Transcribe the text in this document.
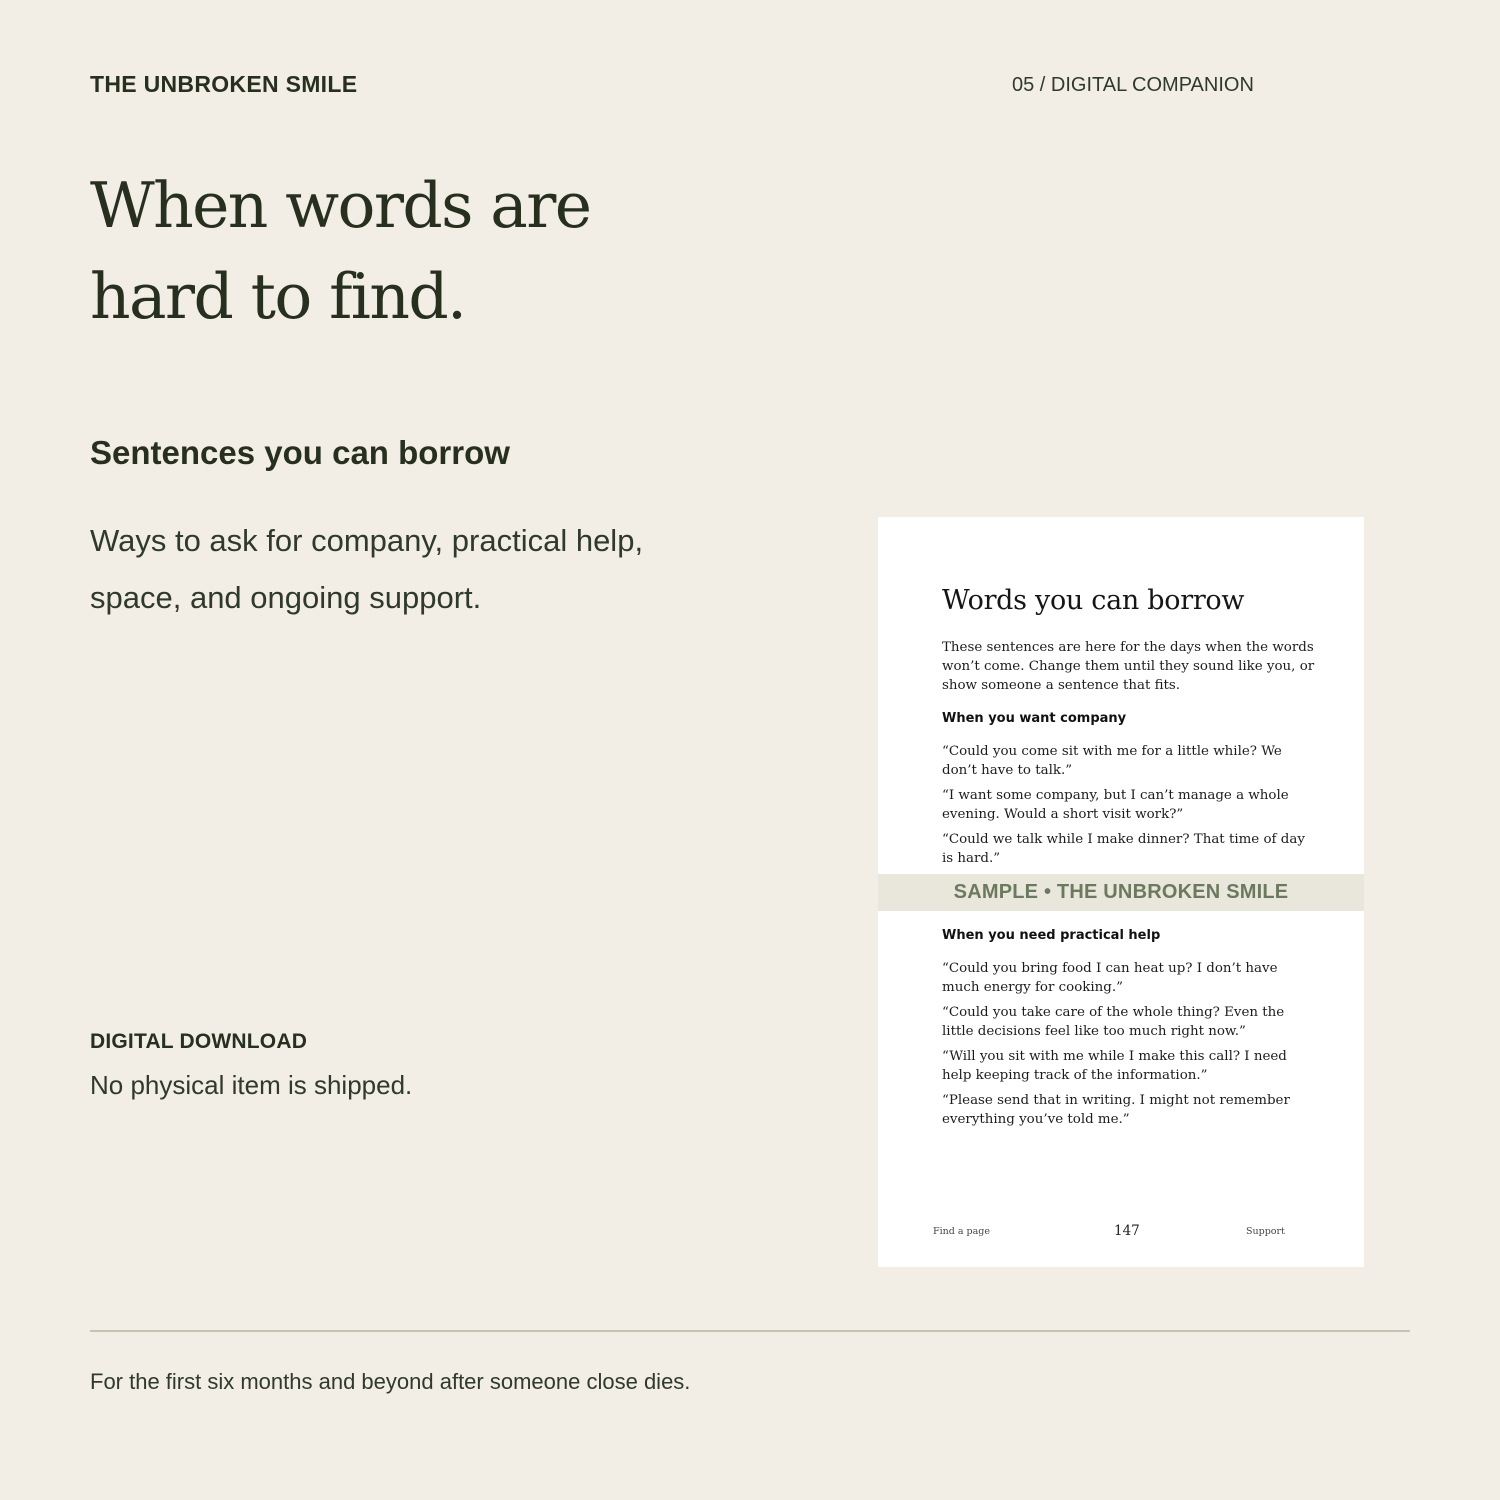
THE UNBROKEN SMILE	05 / DIGITAL COMPANION
When words are
hard to find.
Sentences you can borrow
Ways to ask for company, practical help,
space, and ongoing support.
DIGITAL DOWNLOAD
No physical item is shipped.
For the first six months and beyond after someone close dies.
Words you can borrow

These sentences are here for the days when the words won’t come. Change them until they sound like you, or show someone a sentence that fits.

When you want company

“Could you come sit with me for a little while? We don’t have to talk.”

“I want some company, but I can’t manage a whole evening. Would a short visit work?”

“Could we talk while I make dinner? That time of day is hard.”

SAMPLE • THE UNBROKEN SMILE
When you need practical help

“Could you bring food I can heat up? I don’t have much energy for cooking.”

“Could you take care of the whole thing? Even the little decisions feel like too much right now.”

“Will you sit with me while I make this call? I need help keeping track of the information.”

“Please send that in writing. I might not remember everything you’ve told me.”

Find a page	147	Support
